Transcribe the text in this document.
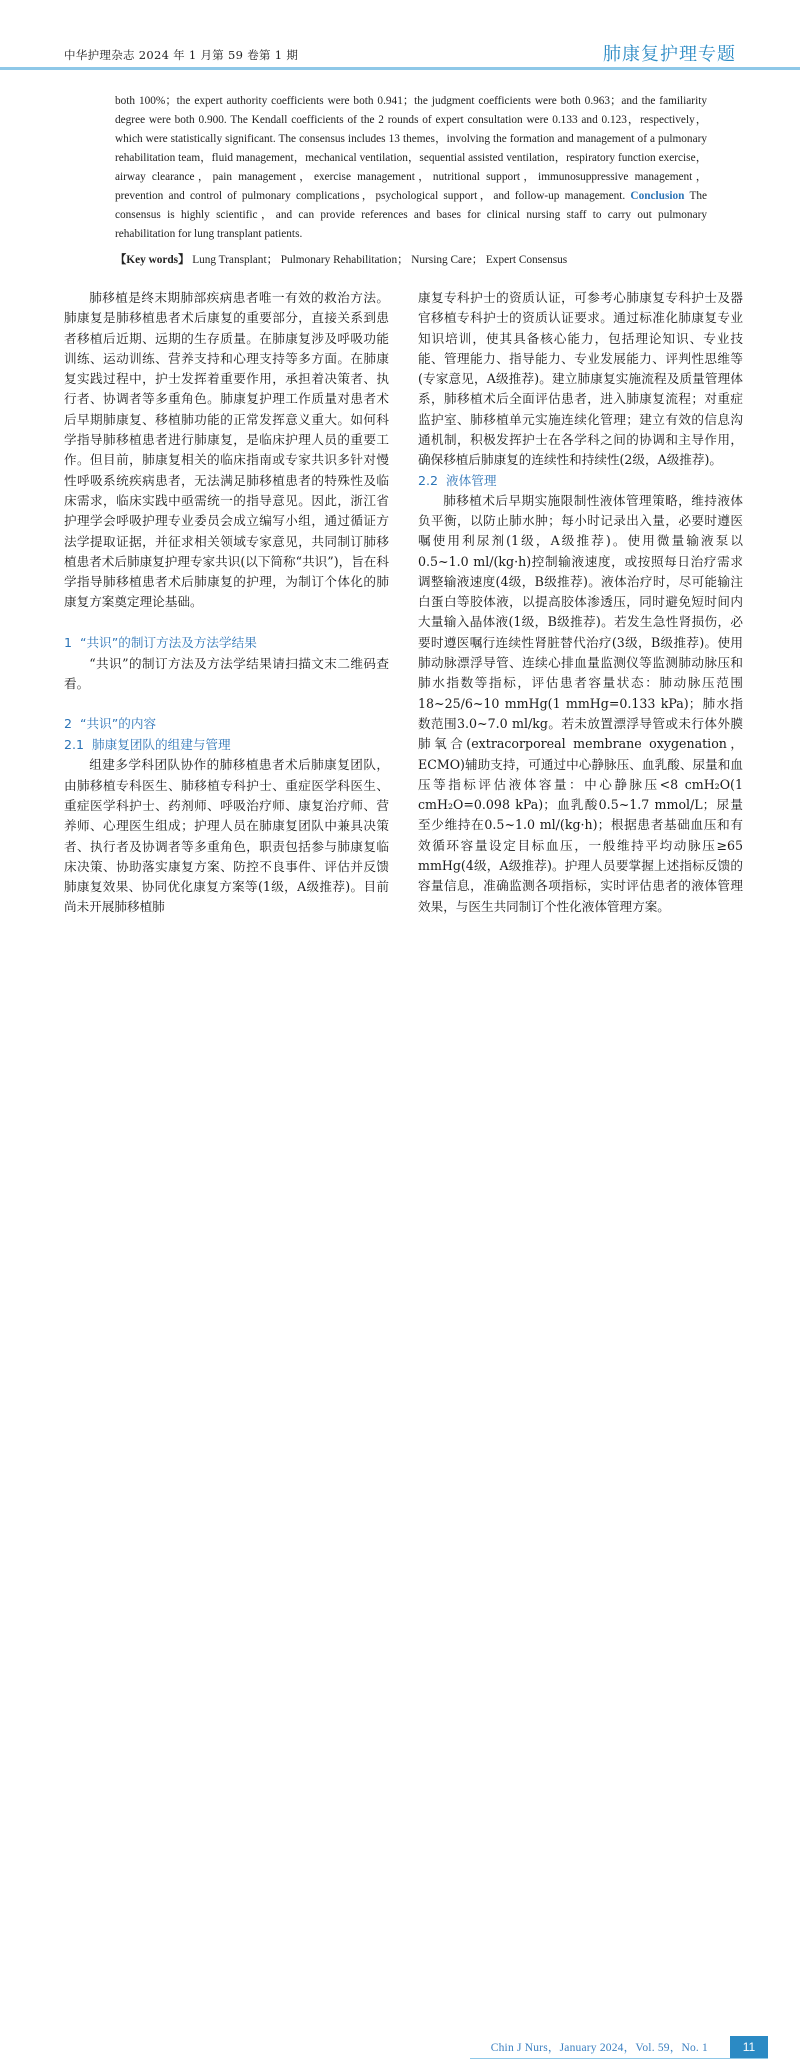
中华护理杂志 2024 年 1 月第 59 卷第 1 期	肺康复护理专题
both 100%；the expert authority coefficients were both 0.941；the judgment coefficients were both 0.963；and the familiarity degree were both 0.900. The Kendall coefficients of the 2 rounds of expert consultation were 0.133 and 0.123，respectively，which were statistically significant. The consensus includes 13 themes，involving the formation and management of a pulmonary rehabilitation team，fluid management，mechanical ventilation，sequential assisted ventilation，respiratory function exercise，airway clearance，pain management，exercise management，nutritional support，immunosuppressive management，prevention and control of pulmonary complications，psychological support，and follow-up management. Conclusion The consensus is highly scientific，and can provide references and bases for clinical nursing staff to carry out pulmonary rehabilitation for lung transplant patients.
【Key words】 Lung Transplant； Pulmonary Rehabilitation； Nursing Care； Expert Consensus

肺移植是终末期肺部疾病患者唯一有效的救治方法。肺康复是肺移植患者术后康复的重要部分，直接关系到患者移植后近期、远期的生存质量。在肺康复涉及呼吸功能训练、运动训练、营养支持和心理支持等多方面。在肺康复实践过程中，护士发挥着重要作用，承担着决策者、执行者、协调者等多重角色。肺康复护理工作质量对患者术后早期肺康复、移植肺功能的正常发挥意义重大。如何科学指导肺移植患者进行肺康复，是临床护理人员的重要工作。但目前，肺康复相关的临床指南或专家共识多针对慢性呼吸系统疾病患者，无法满足肺移植患者的特殊性及临床需求，临床实践中亟需统一的指导意见。因此，浙江省护理学会呼吸护理专业委员会成立编写小组，通过循证方法学提取证据，并征求相关领域专家意见，共同制订肺移植患者术后肺康复护理专家共识(以下简称“共识”)，旨在科学指导肺移植患者术后肺康复的护理，为制订个体化的肺康复方案奠定理论基础。

1 “共识”的制订方法及方法学结果

“共识”的制订方法及方法学结果请扫描文末二维码查看。

2 “共识”的内容
2.1 肺康复团队的组建与管理

组建多学科团队协作的肺移植患者术后肺康复团队，由肺移植专科医生、肺移植专科护士、重症医学科医生、重症医学科护士、药剂师、呼吸治疗师、康复治疗师、营养师、心理医生组成；护理人员在肺康复团队中兼具决策者、执行者及协调者等多重角色，职责包括参与肺康复临床决策、协助落实康复方案、防控不良事件、评估并反馈肺康复效果、协同优化康复方案等(1级，A级推荐)。目前尚未开展肺移植肺

康复专科护士的资质认证，可参考心肺康复专科护士及器官移植专科护士的资质认证要求。通过标准化肺康复专业知识培训，使其具备核心能力，包括理论知识、专业技能、管理能力、指导能力、专业发展能力、评判性思维等(专家意见，A级推荐)。建立肺康复实施流程及质量管理体系，肺移植术后全面评估患者，进入肺康复流程；对重症监护室、肺移植单元实施连续化管理；建立有效的信息沟通机制，积极发挥护士在各学科之间的协调和主导作用，确保移植后肺康复的连续性和持续性(2级，A级推荐)。

2.2 液体管理

肺移植术后早期实施限制性液体管理策略，维持液体负平衡，以防止肺水肿；每小时记录出入量，必要时遵医嘱使用利尿剂(1级，A级推荐)。使用微量输液泵以0.5~1.0 ml/(kg·h)控制输液速度，或按照每日治疗需求调整输液速度(4级，B级推荐)。液体治疗时，尽可能输注白蛋白等胶体液，以提高胶体渗透压，同时避免短时间内大量输入晶体液(1级，B级推荐)。若发生急性肾损伤，必要时遵医嘱行连续性肾脏替代治疗(3级，B级推荐)。使用肺动脉漂浮导管、连续心排血量监测仪等监测肺动脉压和肺水指数等指标，评估患者容量状态：肺动脉压范围18~25/6~10 mmHg(1 mmHg=0.133 kPa)；肺水指数范围3.0~7.0 ml/kg。若未放置漂浮导管或未行体外膜肺氧合(extracorporeal membrane oxygenation，ECMO)辅助支持，可通过中心静脉压、血乳酸、尿量和血压等指标评估液体容量：中心静脉压<8 cmH₂O(1 cmH₂O=0.098 kPa)；血乳酸0.5~1.7 mmol/L；尿量至少维持在0.5~1.0 ml/(kg·h)；根据患者基础血压和有效循环容量设定目标血压，一般维持平均动脉压≥65 mmHg(4级，A级推荐)。护理人员要掌握上述指标反馈的容量信息，准确监测各项指标，实时评估患者的液体管理效果，与医生共同制订个性化液体管理方案。

Chin J Nurs，January 2024，Vol. 59，No. 1	11
